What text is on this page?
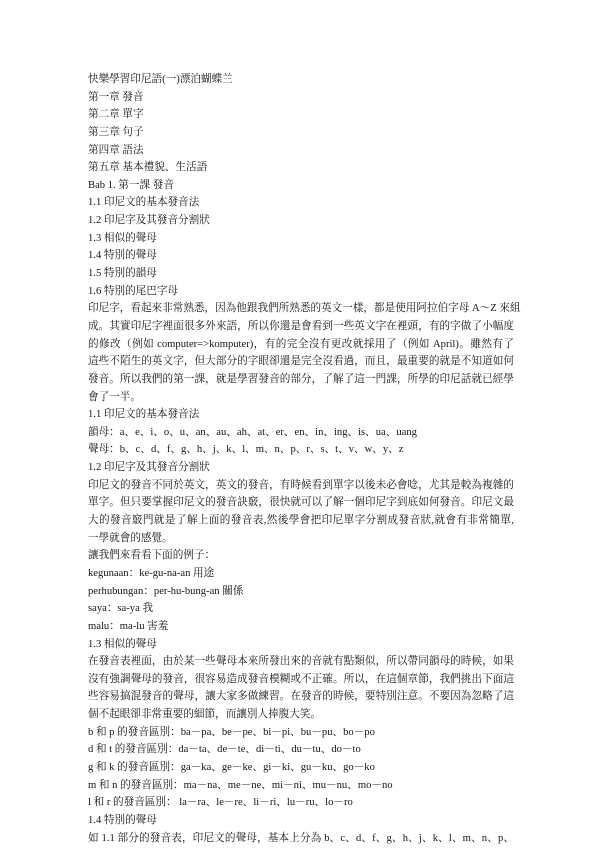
快樂學習印尼語(一)漂泊蝴蝶兰
第一章 發音
第二章 單字
第三章 句子
第四章 語法
第五章 基本禮貌、生活語
Bab 1. 第一課 發音
1.1 印尼文的基本發音法
1.2 印尼字及其發音分割狀
1.3 相似的聲母
1.4 特別的聲母
1.5 特別的韻母
1.6 特別的尾巴字母
印尼字，看起來非常熟悉，因為他跟我們所熟悉的英文一樣，都是使用阿拉伯字母 A～Z 來組
成。其實印尼字裡面很多外來語，所以你還是會看到一些英文字在裡頭，有的字做了小幅度
的修改（例如 computer=>komputer)，有的完全沒有更改就採用了（例如 April)。雖然有了
這些不陌生的英文字，但大部分的字眼卻還是完全沒看過，而且，最重要的就是不知道如何
發音。所以我們的第一課，就是學習發音的部分，了解了這一門課，所學的印尼話就已經學
會了一半。
1.1 印尼文的基本發音法
韻母：a、e、i、o、u、an、au、ah、at、er、en、in、ing、is、ua、uang
聲母：b、c、d、f、g、h、j、k、l、m、n、p、r、s、t、v、w、y、z
1.2 印尼字及其發音分割狀
印尼文的發音不同於英文，英文的發音，有時候看到單字以後未必會唸，尤其是較為複雜的
單字。但只要掌握印尼文的發音訣竅，很快就可以了解一個印尼字到底如何發音。印尼文最
大的發音竅門就是了解上面的發音表,然後學會把印尼單字分割成發音狀,就會有非常簡單,
一學就會的感覺。
讓我們來看看下面的例子：
kegunaan：ke-gu-na-an 用途
perhubungan：per-hu-bung-an 關係
saya：sa-ya 我
malu：ma-lu 害羞
1.3 相似的聲母
在發音表裡面，由於某一些聲母本來所發出來的音就有點類似，所以帶同韻母的時候，如果
沒有強調聲母的發音，很容易造成發音模糊或不正確。所以，在這個章節，我們挑出下面這
些容易搞混發音的聲母，讓大家多做練習。在發音的時候，要特別注意。不要因為忽略了這
個不起眼卻非常重要的細節，而讓別人捧腹大笑。
b 和 p 的發音區別：ba－pa、be－pe、bi－pi、bu－pu、bo－po
d 和 t 的發音區別：da－ta、de－te、di－ti、du－tu、do－to
g 和 k 的發音區別：ga－ka、ge－ke、gi－ki、gu－ku、go－ko
m 和 n 的發音區別：ma－na、me－ne、mi－ni、mu－nu、mo－no
l 和 r 的發音區別： la－ra、le－re、li－ri、lu－ru、lo－ro
1.4 特別的聲母
如 1.1 部分的發音表，印尼文的聲母，基本上分為 b、c、d、f、g、h、j、k、l、m、n、p、
